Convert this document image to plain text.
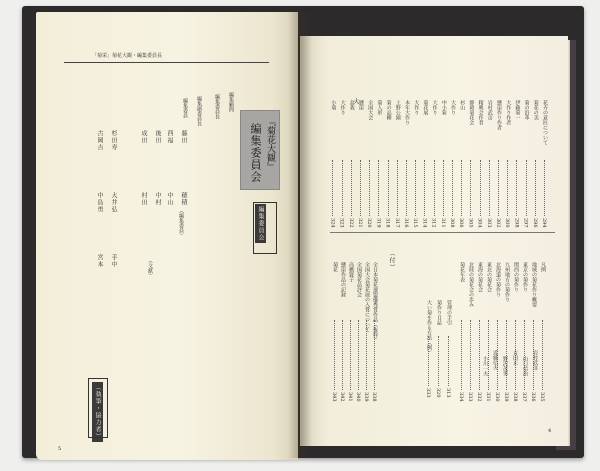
「菊栄」菊花大観・編集委員長
『菊花大観』
編集委員会
編集顧問
編集委員長
編集副委員長
編集委員
古岡吉 杉田寿
中島勇 大井弘
宮本 手中
成田 後田
村田 中村
西福 藤田
中山 穂積
編集委員会
（執筆・協力者）
（編集委員）
（文献）
5
花卉の意匠について
294
菊花の美
296
菊の沿革
297
伊藤菊一
298
大作り作者
300
懸崖作り作者
302
岩村武彦
303
精興会作者
304
静岡菊花会
305
杉山
306
大作り
308
中小菊
311
大作り
312
菊花展
314
大作り
315
本年大作り
316
上野公園
317
菊の品種
318
菊人形
319
全国大会
320
懸崖
321
盆栽
322
大作り
323
小菊
324
全日本菊花連盟優秀賞作品（抜粋）
338
全国大会菊花展の入賞について
339
全国菊花品評会
340
高橋賢子
341
懸崖作品の記録
342
菊花
343
管理の手引
313
菊作り日誌
320
大い菊を作る方法（例）
333
凡例
335
地域の菊花作り概要
336
東京の菊作り
337
関西の菊作り
338
九州地方の菊作り
339
北海道の菊作り
330
東北の菊花会
331
東海の菊花会
332
北陸の菊花会の歩み
333
菊花年表
334
岩村武彦
山口信治
吉田正
野沢茂男
近藤信夫
小川一夫
（付）
大
4
